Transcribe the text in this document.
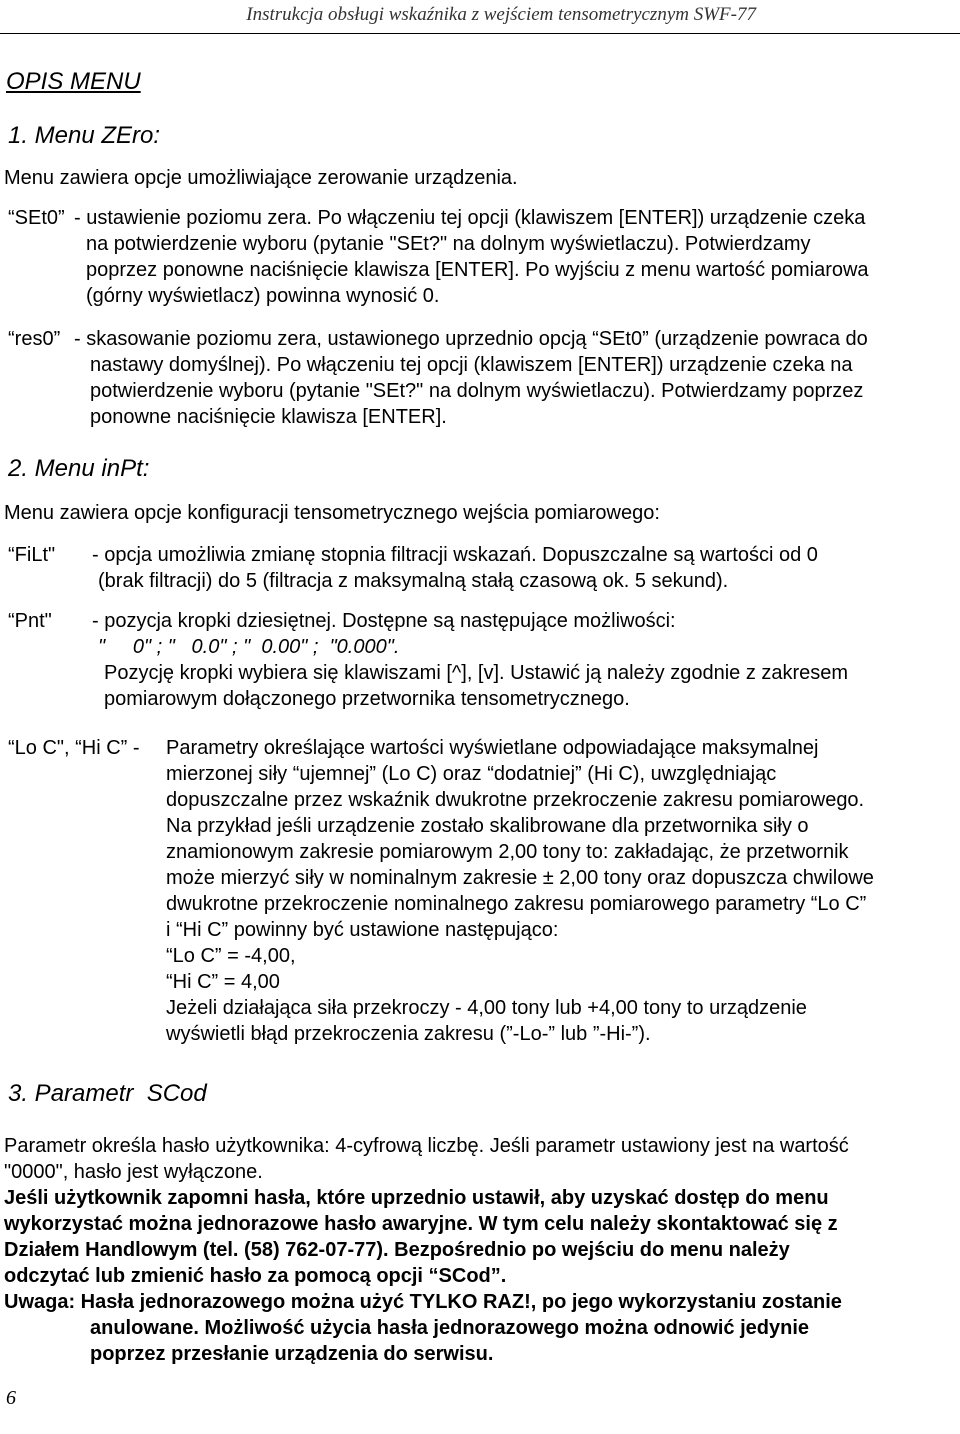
Instrukcja obsługi wskaźnika z wejściem tensometrycznym SWF-77
OPIS MENU
1. Menu ZEro:
Menu zawiera opcje umożliwiające zerowanie urządzenia.
“SEt0” - ustawienie poziomu zera. Po włączeniu tej opcji (klawiszem [ENTER]) urządzenie czeka
na potwierdzenie wyboru (pytanie "SEt?" na dolnym wyświetlaczu). Potwierdzamy
poprzez ponowne naciśnięcie klawisza [ENTER]. Po wyjściu z menu wartość pomiarowa
(górny wyświetlacz) powinna wynosić 0.
“res0” - skasowanie poziomu zera, ustawionego uprzednio opcją “SEt0” (urządzenie powraca do
nastawy domyślnej). Po włączeniu tej opcji (klawiszem [ENTER]) urządzenie czeka na
potwierdzenie wyboru (pytanie "SEt?" na dolnym wyświetlaczu). Potwierdzamy poprzez
ponowne naciśnięcie klawisza [ENTER].
2. Menu inPt:
Menu zawiera opcje konfiguracji tensometrycznego wejścia pomiarowego:
“FiLt" - opcja umożliwia zmianę stopnia filtracji wskazań. Dopuszczalne są wartości od 0
(brak filtracji) do 5 (filtracja z maksymalną stałą czasową ok. 5 sekund).
“Pnt" - pozycja kropki dziesiętnej. Dostępne są następujące możliwości:
"     0" ; "   0.0" ; "  0.00" ;  "0.000".
Pozycję kropki wybiera się klawiszami [^], [v]. Ustawić ją należy zgodnie z zakresem
pomiarowym dołączonego przetwornika tensometrycznego.
“Lo C", “Hi C” - Parametry określające wartości wyświetlane odpowiadające maksymalnej
mierzonej siły “ujemnej” (Lo C) oraz “dodatniej” (Hi C), uwzględniając
dopuszczalne przez wskaźnik dwukrotne przekroczenie zakresu pomiarowego.
Na przykład jeśli urządzenie zostało skalibrowane dla przetwornika siły o
znamionowym zakresie pomiarowym 2,00 tony to: zakładając, że przetwornik
może mierzyć siły w nominalnym zakresie ± 2,00 tony oraz dopuszcza chwilowe
dwukrotne przekroczenie nominalnego zakresu pomiarowego parametry “Lo C”
i “Hi C” powinny być ustawione następująco:
“Lo C” = -4,00,
“Hi C” = 4,00
Jeżeli działająca siła przekroczy - 4,00 tony lub +4,00 tony to urządzenie
wyświetli błąd przekroczenia zakresu (”-Lo-” lub ”-Hi-”).
3. Parametr  SCod
Parametr określa hasło użytkownika: 4-cyfrową liczbę. Jeśli parametr ustawiony jest na wartość
"0000", hasło jest wyłączone.
Jeśli użytkownik zapomni hasła, które uprzednio ustawił, aby uzyskać dostęp do menu
wykorzystać można jednorazowe hasło awaryjne. W tym celu należy skontaktować się z
Działem Handlowym (tel. (58) 762-07-77). Bezpośrednio po wejściu do menu należy
odczytać lub zmienić hasło za pomocą opcji “SCod”.
Uwaga: Hasła jednorazowego można użyć TYLKO RAZ!, po jego wykorzystaniu zostanie
anulowane. Możliwość użycia hasła jednorazowego można odnowić jedynie
poprzez przesłanie urządzenia do serwisu.
6
